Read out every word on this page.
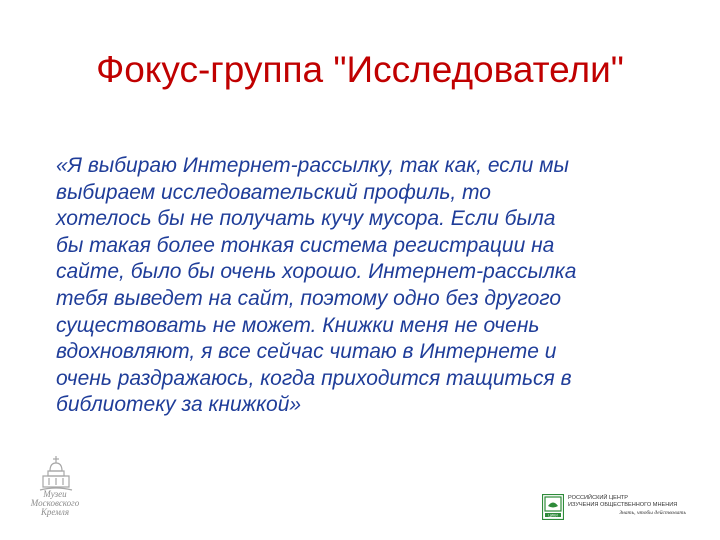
Фокус-группа "Исследователи"
«Я выбираю Интернет-рассылку, так как, если мы
выбираем исследовательский профиль, то
хотелось бы не получать кучу мусора. Если была
бы такая более тонкая система регистрации на
сайте, было бы очень хорошо. Интернет-рассылка
тебя выведет на сайт, поэтому одно без другого
существовать не может. Книжки меня не очень
вдохновляют, я все сейчас читаю в Интернете и
очень раздражаюсь, когда приходится тащиться в
библиотеку за книжкой»
Музеи
Московского
Кремля	ЦИКИ
РОССИЙСКИЙ ЦЕНТР
ИЗУЧЕНИЯ ОБЩЕСТВЕННОГО МНЕНИЯ
Знать, чтобы действовать
